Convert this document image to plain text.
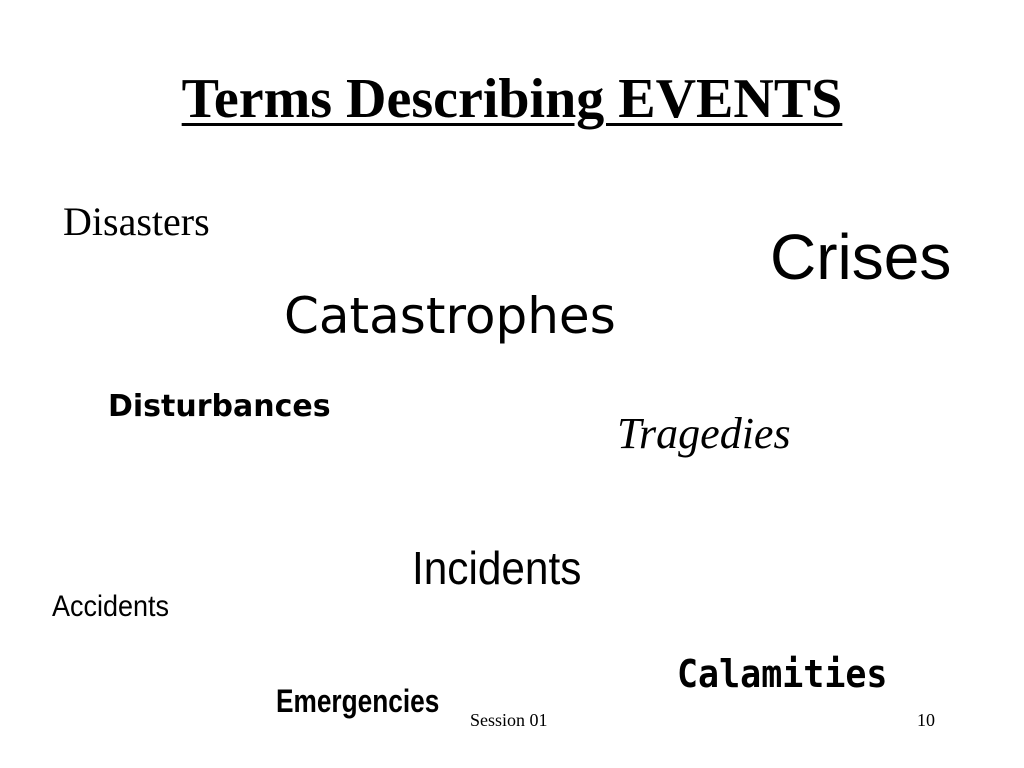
Terms Describing EVENTS

Disasters	Crises

Catastrophes

Disturbances

Tragedies

Incidents

Accidents

Calamities

Emergencies

Session 01	10
